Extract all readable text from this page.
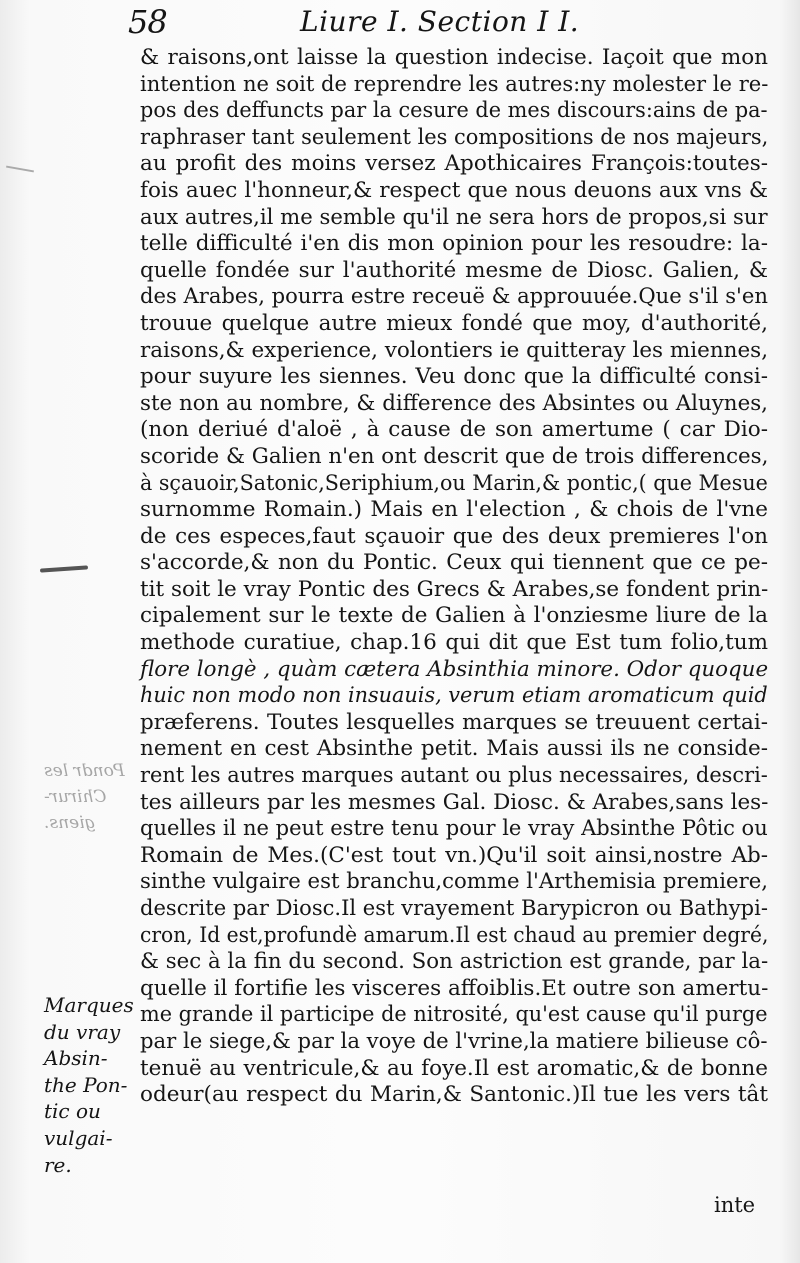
58	Liure I. Section I I.
Pondr les
Chirur-
giens.
& raisons,ont laisse la question indecise. Iaçoit que mon
intention ne soit de reprendre les autres:ny molester le re-
pos des deffuncts par la cesure de mes discours:ains de pa-
raphraser tant seulement les compositions de nos majeurs,
au profit des moins versez Apothicaires François:toutes-
fois auec l'honneur,& respect que nous deuons aux vns &
aux autres,il me semble qu'il ne sera hors de propos,si sur
telle difficulté i'en dis mon opinion pour les resoudre: la-
quelle fondée sur l'authorité mesme de Diosc. Galien, &
des Arabes, pourra estre receuë & approuuée.Que s'il s'en
trouue quelque autre mieux fondé que moy, d'authorité,
raisons,& experience, volontiers ie quitteray les miennes,
pour suyure les siennes. Veu donc que la difficulté consi-
ste non au nombre, & difference des Absintes ou Aluynes,
(non deriué d'aloë , à cause de son amertume ( car Dio-
scoride & Galien n'en ont descrit que de trois differences,
à sçauoir,Satonic,Seriphium,ou Marin,& pontic,( que Mesue
surnomme Romain.) Mais en l'election , & chois de l'vne
de ces especes,faut sçauoir que des deux premieres l'on
s'accorde,& non du Pontic. Ceux qui tiennent que ce pe-
tit soit le vray Pontic des Grecs & Arabes,se fondent prin-
cipalement sur le texte de Galien à l'onziesme liure de la
methode curatiue, chap.16 qui dit que Est tum folio,tum
flore longè , quàm cætera Absinthia minore. Odor quoque
huic non modo non insuauis, verum etiam aromaticum quid
præferens. Toutes lesquelles marques se treuuent certai-
nement en cest Absinthe petit. Mais aussi ils ne conside-
rent les autres marques autant ou plus necessaires, descri-
tes ailleurs par les mesmes Gal. Diosc. & Arabes,sans les-
quelles il ne peut estre tenu pour le vray Absinthe Pôtic ou
Romain de Mes.(C'est tout vn.)Qu'il soit ainsi,nostre Ab-
sinthe vulgaire est branchu,comme l'Arthemisia premiere,
descrite par Diosc.Il est vrayement Barypicron ou Bathypi-
cron, Id est,profundè amarum.Il est chaud au premier degré,
& sec à la fin du second. Son astriction est grande, par la-
quelle il fortifie les visceres affoiblis.Et outre son amertu-
me grande il participe de nitrosité, qu'est cause qu'il purge
par le siege,& par la voye de l'vrine,la matiere bilieuse cô-
tenuë au ventricule,& au foye.Il est aromatic,& de bonne
odeur(au respect du Marin,& Santonic.)Il tue les vers tât
Marques
du vray
Absin-
the Pon-
tic ou
vulgai-
re.
inte
